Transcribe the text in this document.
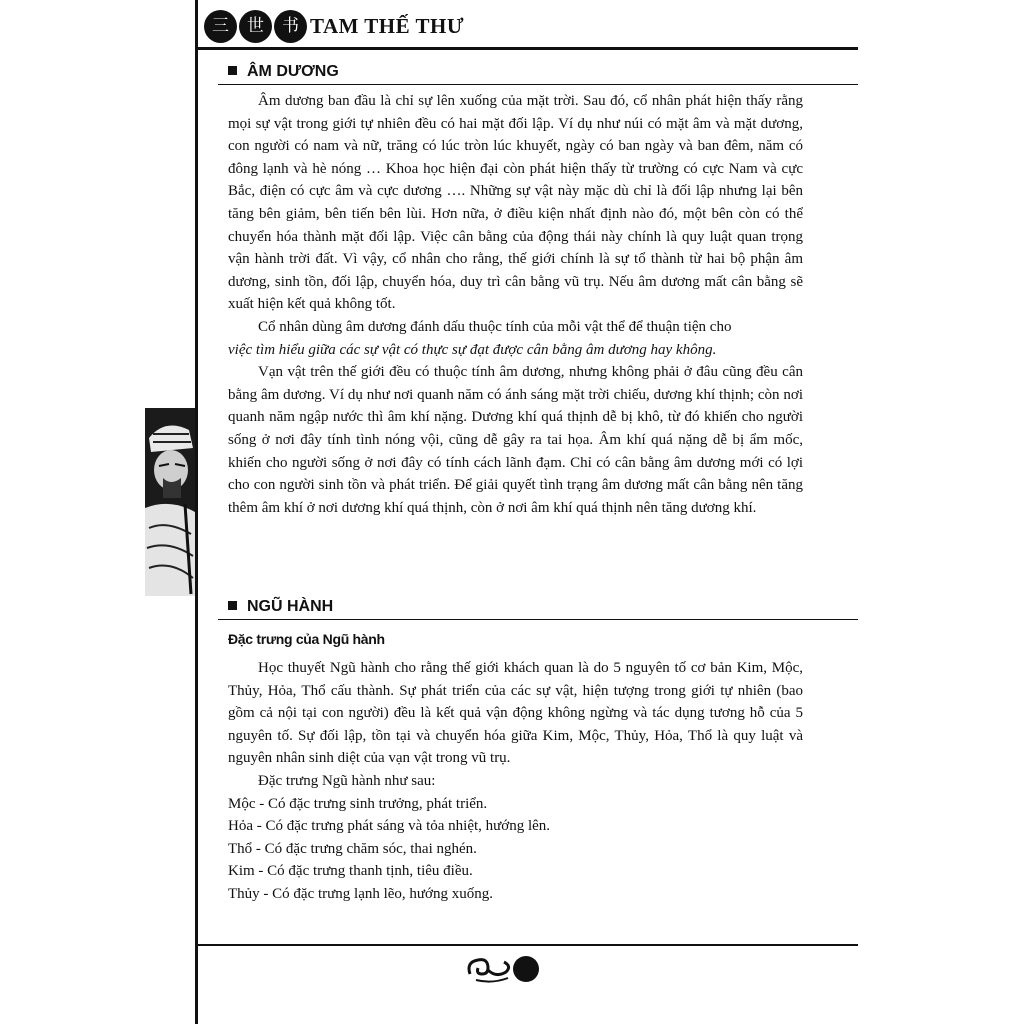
三	世	书 TAM THẾ THƯ
ÂM DƯƠNG

Âm dương ban đầu là chỉ sự lên xuống của mặt trời. Sau đó, cổ nhân phát hiện thấy rằng mọi sự vật trong giới tự nhiên đều có hai mặt đối lập. Ví dụ như núi có mặt âm và mặt dương, con người có nam và nữ, trăng có lúc tròn lúc khuyết, ngày có ban ngày và ban đêm, năm có đông lạnh và hè nóng … Khoa học hiện đại còn phát hiện thấy từ trường có cực Nam và cực Bắc, điện có cực âm và cực dương …. Những sự vật này mặc dù chỉ là đối lập nhưng lại bên tăng bên giảm, bên tiến bên lùi. Hơn nữa, ở điều kiện nhất định nào đó, một bên còn có thể chuyển hóa thành mặt đối lập. Việc cân bằng của động thái này chính là quy luật quan trọng vận hành trời đất. Vì vậy, cổ nhân cho rằng, thế giới chính là sự tổ thành từ hai bộ phận âm dương, sinh tồn, đối lập, chuyển hóa, duy trì cân bằng vũ trụ. Nếu âm dương mất cân bằng sẽ xuất hiện kết quả không tốt.

Cổ nhân dùng âm dương đánh dấu thuộc tính của mỗi vật thể để thuận tiện cho

việc tìm hiểu giữa các sự vật có thực sự đạt được cân bằng âm dương hay không.

Vạn vật trên thế giới đều có thuộc tính âm dương, nhưng không phải ở đâu cũng đều cân bằng âm dương. Ví dụ như nơi quanh năm có ánh sáng mặt trời chiếu, dương khí thịnh; còn nơi quanh năm ngập nước thì âm khí nặng. Dương khí quá thịnh dễ bị khô, từ đó khiến cho người sống ở nơi đây tính tình nóng vội, cũng dễ gây ra tai họa. Âm khí quá nặng dễ bị ẩm mốc, khiến cho người sống ở nơi đây có tính cách lãnh đạm. Chỉ có cân bằng âm dương mới có lợi cho con người sinh tồn và phát triển. Để giải quyết tình trạng âm dương mất cân bằng nên tăng thêm âm khí ở nơi dương khí quá thịnh, còn ở nơi âm khí quá thịnh nên tăng dương khí.

NGŨ HÀNH
Đặc trưng của Ngũ hành

Học thuyết Ngũ hành cho rằng thế giới khách quan là do 5 nguyên tố cơ bản Kim, Mộc, Thủy, Hỏa, Thổ cấu thành. Sự phát triển của các sự vật, hiện tượng trong giới tự nhiên (bao gồm cả nội tại con người) đều là kết quả vận động không ngừng và tác dụng tương hỗ của 5 nguyên tố. Sự đối lập, tồn tại và chuyển hóa giữa Kim, Mộc, Thủy, Hỏa, Thổ là quy luật và nguyên nhân sinh diệt của vạn vật trong vũ trụ.

Đặc trưng Ngũ hành như sau:

Mộc - Có đặc trưng sinh trưởng, phát triển.

Hỏa - Có đặc trưng phát sáng và tỏa nhiệt, hướng lên.

Thổ - Có đặc trưng chăm sóc, thai nghén.

Kim - Có đặc trưng thanh tịnh, tiêu điều.

Thủy - Có đặc trưng lạnh lẽo, hướng xuống.
